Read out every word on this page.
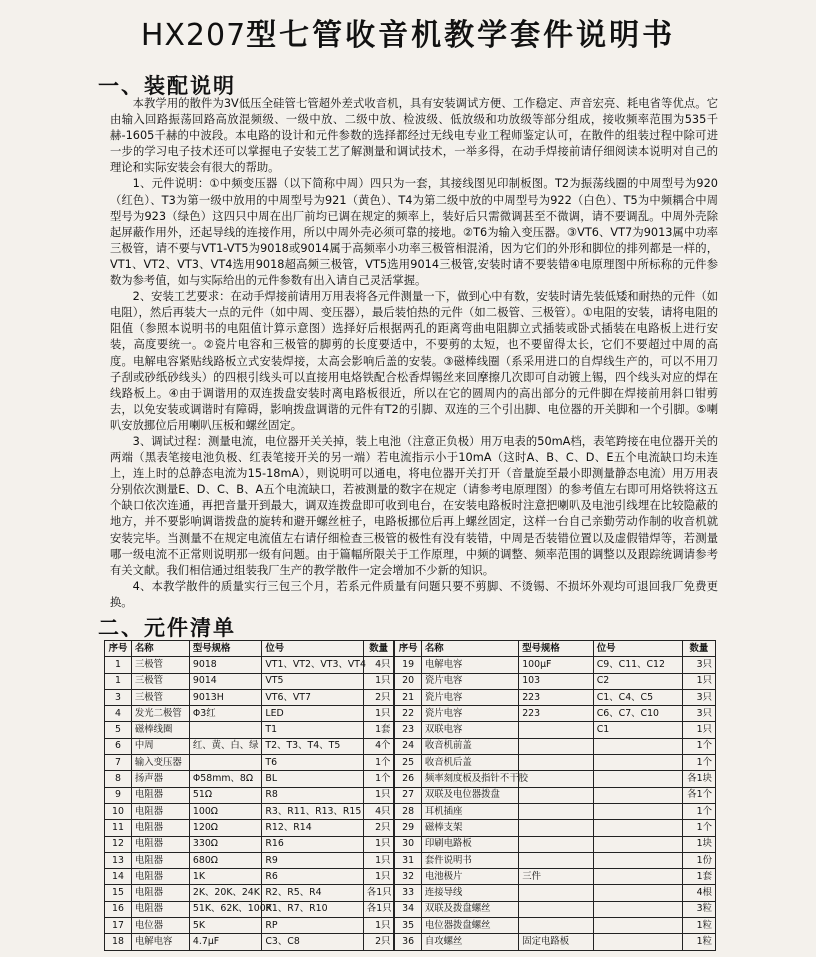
HX207型七管收音机教学套件说明书
一、装配说明

本教学用的散件为3V低压全硅管七管超外差式收音机，具有安装调试方便、工作稳定、声音宏亮、耗电省等优点。它由输入回路振荡回路高放混频级、一级中放、二级中放、检波级、低放级和功放级等部分组成，接收频率范围为535千赫-1605千赫的中波段。本电路的设计和元件参数的选择都经过无线电专业工程师鉴定认可，在散件的组装过程中除可进一步的学习电子技术还可以掌握电子安装工艺了解测量和调试技术，一举多得，在动手焊接前请仔细阅读本说明对自己的理论和实际安装会有很大的帮助。

1、元件说明：①中频变压器（以下简称中周）四只为一套，其接线图见印制板图。T2为振荡线圈的中周型号为920（红色）、T3为第一级中放用的中周型号为921（黄色）、T4为第二级中放的中周型号为922（白色）、T5为中频耦合中周型号为923（绿色）这四只中周在出厂前均已调在规定的频率上，装好后只需微调甚至不微调，请不要调乱。中周外壳除起屏蔽作用外，还起导线的连接作用，所以中周外壳必须可靠的接地。②T6为输入变压器。③VT6、VT7为9013属中功率三极管，请不要与VT1-VT5为9018或9014属于高频率小功率三极管相混淆，因为它们的外形和脚位的排列都是一样的，VT1、VT2、VT3、VT4选用9018超高频三极管，VT5选用9014三极管,安装时请不要装错④电原理图中所标称的元件参数为参考值，如与实际给出的元件参数有出入请自己灵活掌握。

2、安装工艺要求：在动手焊接前请用万用表将各元件测量一下，做到心中有数，安装时请先装低矮和耐热的元件（如电阻），然后再装大一点的元件（如中周、变压器），最后装怕热的元件（如二极管、三极管）。①电阻的安装，请将电阻的阻值（参照本说明书的电阻值计算示意图）选择好后根据两孔的距离弯曲电阻脚立式插装或卧式插装在电路板上进行安装，高度要统一。②瓷片电容和三极管的脚剪的长度要适中，不要剪的太短，也不要留得太长，它们不要超过中周的高度。电解电容紧贴线路板立式安装焊接，太高会影响后盖的安装。③磁棒线圈（系采用进口的自焊线生产的，可以不用刀子刮或砂纸砂线头）的四根引线头可以直接用电烙铁配合松香焊锡丝来回摩擦几次即可自动镀上锡，四个线头对应的焊在线路板上。④由于调谐用的双连拨盘安装时离电路板很近，所以在它的圆周内的高出部分的元件脚在焊接前用斜口钳剪去，以免安装或调谐时有障碍，影响拨盘调谐的元件有T2的引脚、双连的三个引出脚、电位器的开关脚和一个引脚。⑤喇叭安放挪位后用喇叭压板和螺丝固定。

3、调试过程：测量电流，电位器开关关掉，装上电池（注意正负极）用万电表的50mA档，表笔跨接在电位器开关的两端（黑表笔接电池负极、红表笔接开关的另一端）若电流指示小于10mA（这时A、B、C、D、E五个电流缺口均未连上，连上时的总静态电流为15-18mA），则说明可以通电，将电位器开关打开（音量旋至最小即测量静态电流）用万用表分别依次测量E、D、C、B、A五个电流缺口，若被测量的数字在规定（请参考电原理图）的参考值左右即可用烙铁将这五个缺口依次连通，再把音量开到最大，调双连拨盘即可收到电台，在安装电路板时注意把喇叭及电池引线埋在比较隐蔽的地方，并不要影响调谐拨盘的旋转和避开螺丝桩子，电路板挪位后再上螺丝固定，这样一台自己亲勤劳动作制的收音机就安装完毕。当测量不在规定电流值左右请仔细检查三极管的极性有没有装错，中周是否装错位置以及虚假错焊等，若测量哪一级电流不正常则说明那一级有问题。由于篇幅所限关于工作原理，中频的调整、频率范围的调整以及跟踪统调请参考有关文献。我们相信通过组装我厂生产的教学散件一定会增加不少新的知识。

4、本教学散件的质量实行三包三个月，若系元件质量有问题只要不剪脚、不烫锡、不损坏外观均可退回我厂免费更换。

二、元件清单
序号	名称	型号规格	位号	数量	序号	名称	型号规格	位号	数量
1	三极管	9018	VT1、VT2、VT3、VT4	4只	19	电解电容	100μF	C9、C11、C12	3只
1	三极管	9014	VT5	1只	20	瓷片电容	103	C2	1只
3	三极管	9013H	VT6、VT7	2只	21	瓷片电容	223	C1、C4、C5	3只
4	发光二极管	Φ3红	LED	1只	22	瓷片电容	223	C6、C7、C10	3只
5	磁棒线圈		T1	1套	23	双联电容		C1	1只
6	中周	红、黄、白、绿	T2、T3、T4、T5	4个	24	收音机前盖			1个
7	输入变压器		T6	1个	25	收音机后盖			1个
8	扬声器	Φ58mm、8Ω	BL	1个	26	频率刻度板及指针不干胶			各1块
9	电阻器	51Ω	R8	1只	27	双联及电位器拨盘			各1个
10	电阻器	100Ω	R3、R11、R13、R15	4只	28	耳机插座			1个
11	电阻器	120Ω	R12、R14	2只	29	磁棒支架			1个
12	电阻器	330Ω	R16	1只	30	印刷电路板			1块
13	电阻器	680Ω	R9	1只	31	套件说明书			1份
14	电阻器	1K	R6	1只	32	电池极片	三件		1套
15	电阻器	2K、20K、24K	R2、R5、R4	各1只	33	连接导线			4根
16	电阻器	51K、62K、100K	R1、R7、R10	各1只	34	双联及拨盘螺丝			3粒
17	电位器	5K	RP	1只	35	电位器拨盘螺丝			1粒
18	电解电容	4.7μF	C3、C8	2只	36	自攻螺丝	固定电路板		1粒
